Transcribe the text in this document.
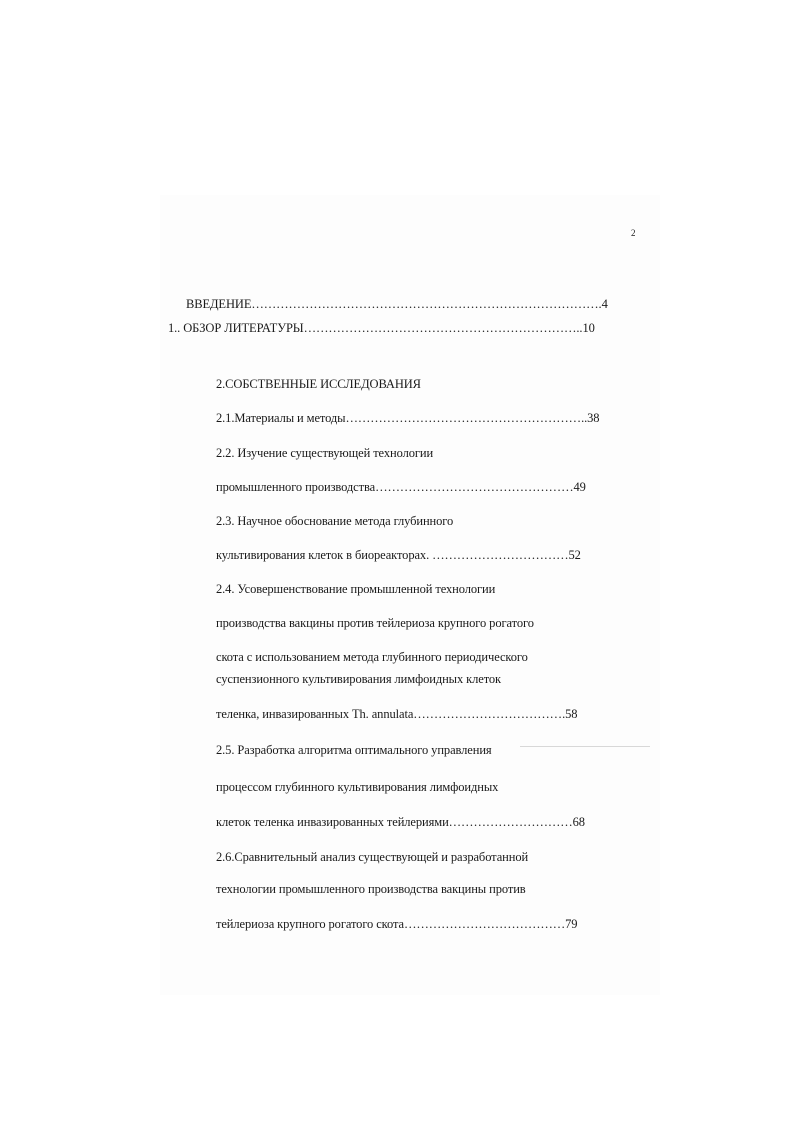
2
ВВЕДЕНИЕ………………………………………………………………………….4
1.. ОБЗОР ЛИТЕРАТУРЫ…………………………………………………………..10
2.СОБСТВЕННЫЕ ИССЛЕДОВАНИЯ
2.1.Материалы и методы…………………………………………………..38
2.2. Изучение существующей технологии
промышленного производства…………………………………………49
2.3. Научное обоснование метода глубинного
культивирования клеток в биореакторах. ……………………………52
2.4. Усовершенствование промышленной технологии
производства вакцины против тейлериоза крупного рогатого
скота с использованием метода глубинного периодического
суспензионного культивирования лимфоидных клеток
теленка, инвазированных Th. annulata……………………………….58
2.5. Разработка алгоритма оптимального управления
процессом глубинного культивирования лимфоидных
клеток теленка инвазированных тейлериями…………………………68
2.6.Сравнительный анализ существующей и разработанной
технологии промышленного производства вакцины против
тейлериоза крупного рогатого скота…………………………………79
